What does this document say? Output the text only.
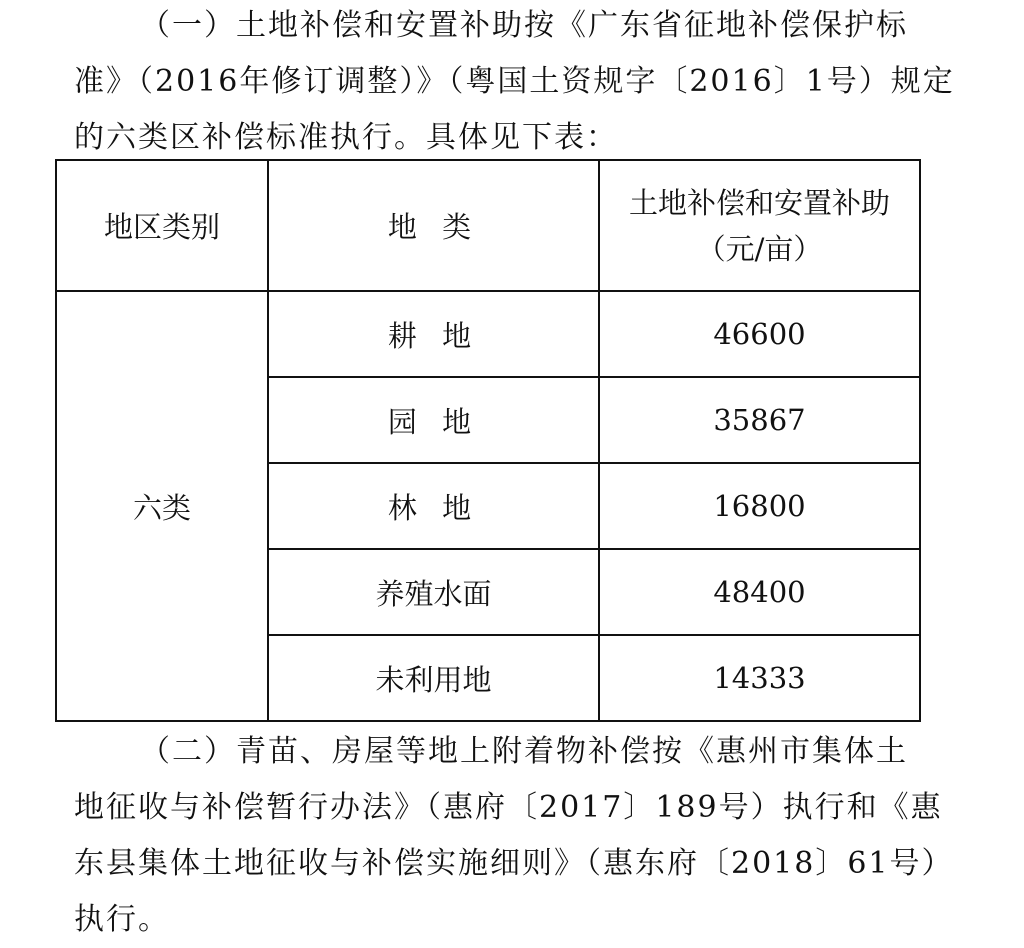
（一）土地补偿和安置补助按《广东省征地补偿保护标
准》（2016年修订调整）》（粤国土资规字〔2016〕1号）规定
的六类区补偿标准执行。具体见下表：
地区类别	地 类	土地补偿和安置补助
（元/亩）

六类	耕 地	46600
	园 地	35867
	林 地	16800
	养殖水面	48400
	未利用地	14333
（二）青苗、房屋等地上附着物补偿按《惠州市集体土
地征收与补偿暂行办法》（惠府〔2017〕189号）执行和《惠
东县集体土地征收与补偿实施细则》（惠东府〔2018〕61号）
执行。
